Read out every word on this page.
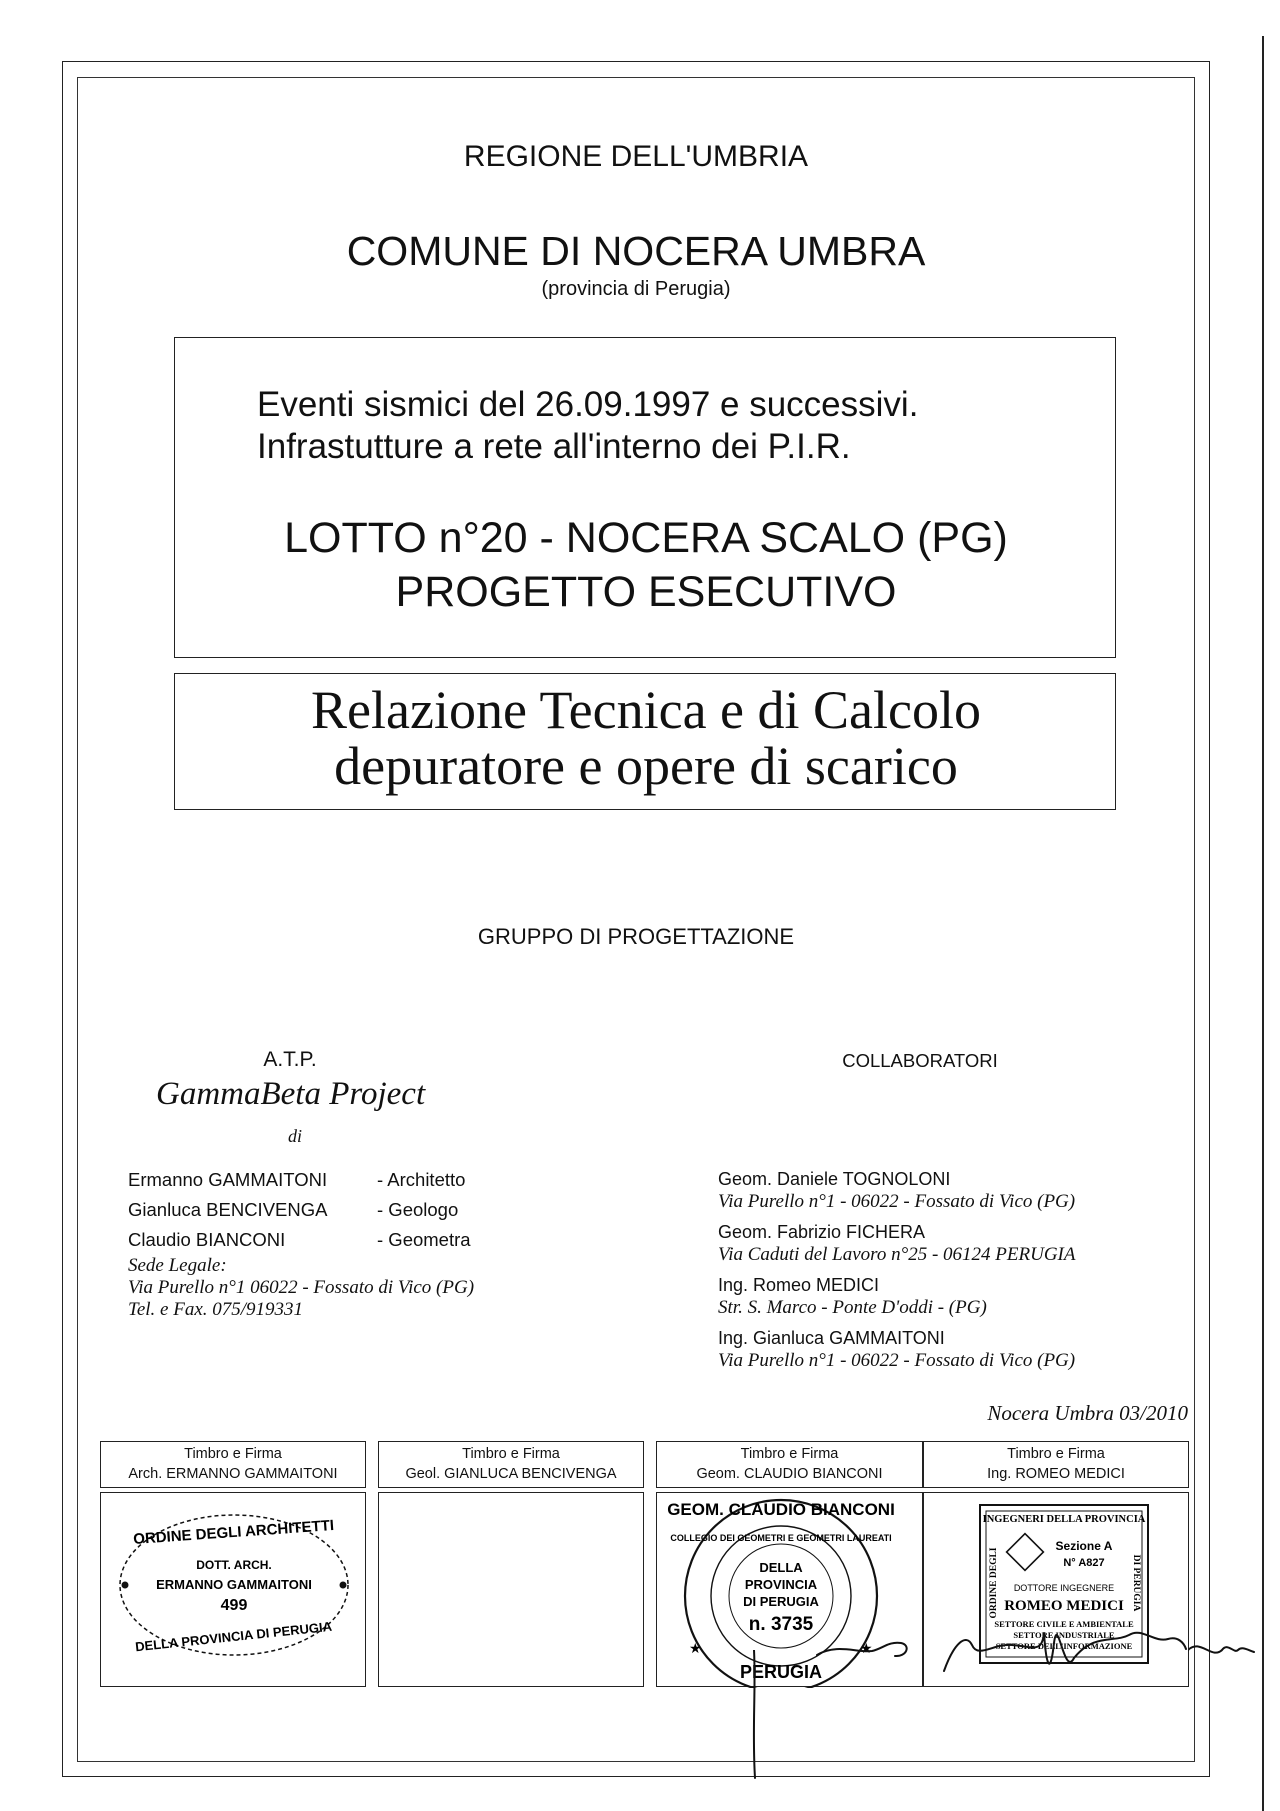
REGIONE DELL'UMBRIA
COMUNE DI NOCERA UMBRA
(provincia di Perugia)
Eventi sismici del 26.09.1997 e successivi.
Infrastutture a rete all'interno dei P.I.R.
LOTTO n°20 - NOCERA SCALO (PG)
PROGETTO ESECUTIVO
Relazione Tecnica e di Calcolo
depuratore e opere di scarico
GRUPPO DI PROGETTAZIONE
A.T.P.
GammaBeta Project
di
Ermanno GAMMAITONI	- Architetto
Gianluca BENCIVENGA	- Geologo
Claudio BIANCONI	- Geometra
Sede Legale:
Via Purello n°1 06022 - Fossato di Vico (PG)
Tel. e Fax. 075/919331
COLLABORATORI
Geom. Daniele TOGNOLONI
Via Purello n°1 - 06022 - Fossato di Vico (PG)
Geom. Fabrizio FICHERA
Via Caduti del Lavoro n°25 - 06124 PERUGIA
Ing. Romeo MEDICI
Str. S. Marco - Ponte D'oddi - (PG)
Ing. Gianluca GAMMAITONI
Via Purello n°1 - 06022 - Fossato di Vico (PG)
Nocera Umbra 03/2010
Timbro e Firma
Arch. ERMANNO GAMMAITONI
Timbro e Firma
Geol. GIANLUCA BENCIVENGA
Timbro e Firma
Geom. CLAUDIO BIANCONI
Timbro e Firma
Ing. ROMEO MEDICI
ORDINE DEGLI ARCHITETTI
DOTT. ARCH.
ERMANNO GAMMAITONI
499
DELLA PROVINCIA DI PERUGIA
GEOM. CLAUDIO BIANCONI
COLLEGIO DEI GEOMETRI E GEOMETRI LAUREATI
DELLA
PROVINCIA
DI PERUGIA
n. 3735
PERUGIA
★	★
INGEGNERI DELLA PROVINCIA
ORDINE DEGLI	DI PERUGIA
Sezione A
N° A827
DOTTORE INGEGNERE
ROMEO MEDICI
SETTORE CIVILE E AMBIENTALE
SETTORE INDUSTRIALE
SETTORE DELL'INFORMAZIONE
